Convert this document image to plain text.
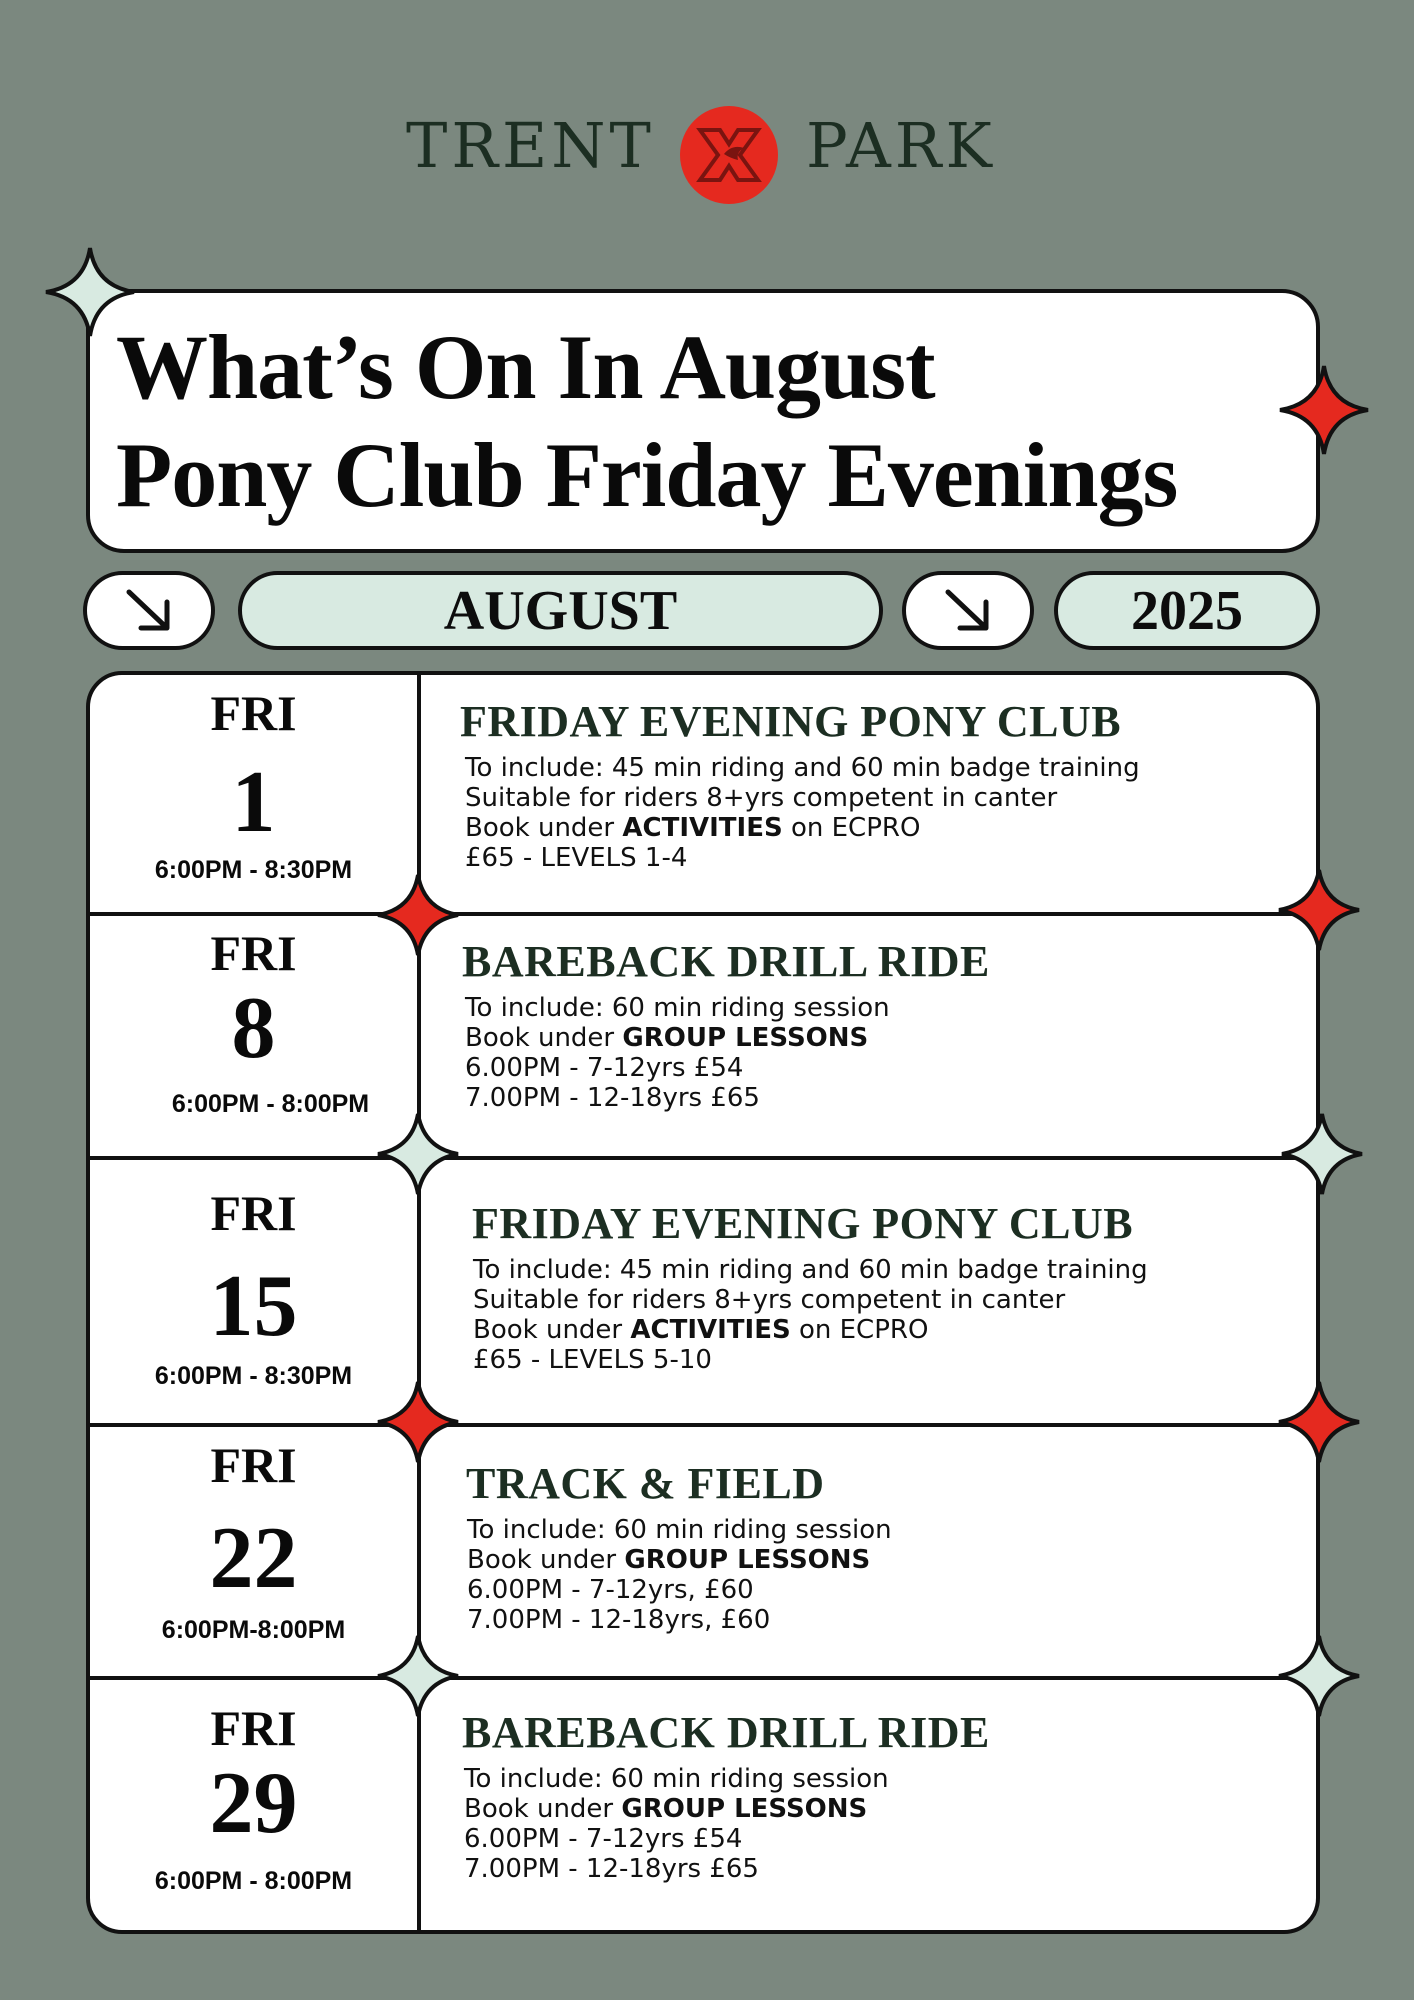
TRENT PARK
What’s On In August
Pony Club Friday Evenings
AUGUST	2025
FRI
1
6:00PM - 8:30PM
FRIDAY EVENING PONY CLUB
To include: 45 min riding and 60 min badge training
Suitable for riders 8+yrs competent in canter
Book under ACTIVITIES on ECPRO
£65 - LEVELS 1-4
FRI
8
6:00PM - 8:00PM
BAREBACK DRILL RIDE
To include: 60 min riding session
Book under GROUP LESSONS
6.00PM - 7-12yrs £54
7.00PM - 12-18yrs £65
FRI
15
6:00PM - 8:30PM
FRIDAY EVENING PONY CLUB
To include: 45 min riding and 60 min badge training
Suitable for riders 8+yrs competent in canter
Book under ACTIVITIES on ECPRO
£65 - LEVELS 5-10
FRI
22
6:00PM-8:00PM
TRACK & FIELD
To include: 60 min riding session
Book under GROUP LESSONS
6.00PM - 7-12yrs, £60
7.00PM - 12-18yrs, £60
FRI
29
6:00PM - 8:00PM
BAREBACK DRILL RIDE
To include: 60 min riding session
Book under GROUP LESSONS
6.00PM - 7-12yrs £54
7.00PM - 12-18yrs £65
